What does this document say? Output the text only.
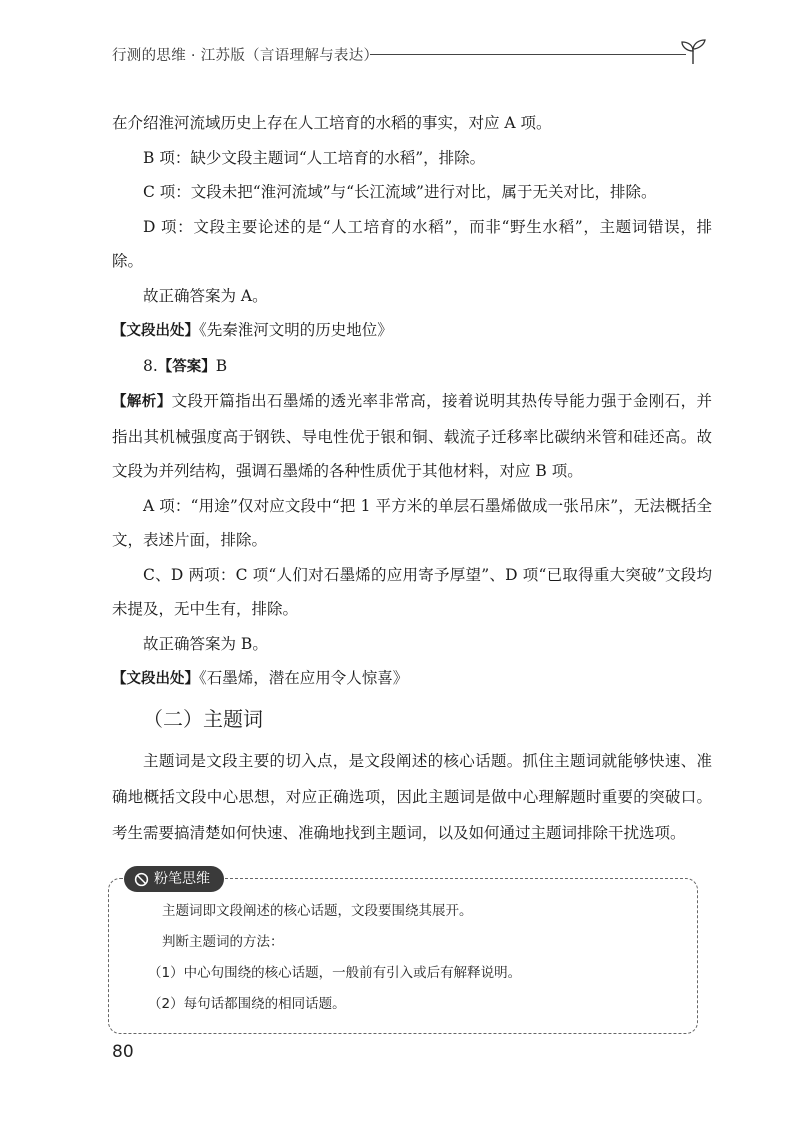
行测的思维 · 江苏版（言语理解与表达）

在介绍淮河流域历史上存在人工培育的水稻的事实，对应 A 项。

B 项：缺少文段主题词“人工培育的水稻”，排除。

C 项：文段未把“淮河流域”与“长江流域”进行对比，属于无关对比，排除。

D 项：文段主要论述的是“人工培育的水稻”，而非“野生水稻”，主题词错误，排除。

故正确答案为 A。

【 文段出处 】 《先秦淮河文明的历史地位》

8.【 答案 】 B

【 解析 】 文段开篇指出石墨烯的透光率非常高，接着说明其热传导能力强于金刚石，并指出其机械强度高于钢铁、导电性优于银和铜、载流子迁移率比碳纳米管和硅还高。故文段为并列结构，强调石墨烯的各种性质优于其他材料，对应 B 项。

A 项：“用途”仅对应文段中“把 1 平方米的单层石墨烯做成一张吊床”，无法概括全文，表述片面，排除。

C、D 两项：C 项“人们对石墨烯的应用寄予厚望”、D 项“已取得重大突破”文段均未提及，无中生有，排除。

故正确答案为 B。

【 文段出处 】 《石墨烯，潜在应用令人惊喜》

（二）主题词

主题词是文段主要的切入点，是文段阐述的核心话题。抓住主题词就能够快速、准确地概括文段中心思想，对应正确选项，因此主题词是做中心理解题时重要的突破口。考生需要搞清楚如何快速、准确地找到主题词，以及如何通过主题词排除干扰选项。

粉笔思维

主题词即文段阐述的核心话题，文段要围绕其展开。

判断主题词的方法：

（1）中心句围绕的核心话题，一般前有引入或后有解释说明。

（2）每句话都围绕的相同话题。

80
